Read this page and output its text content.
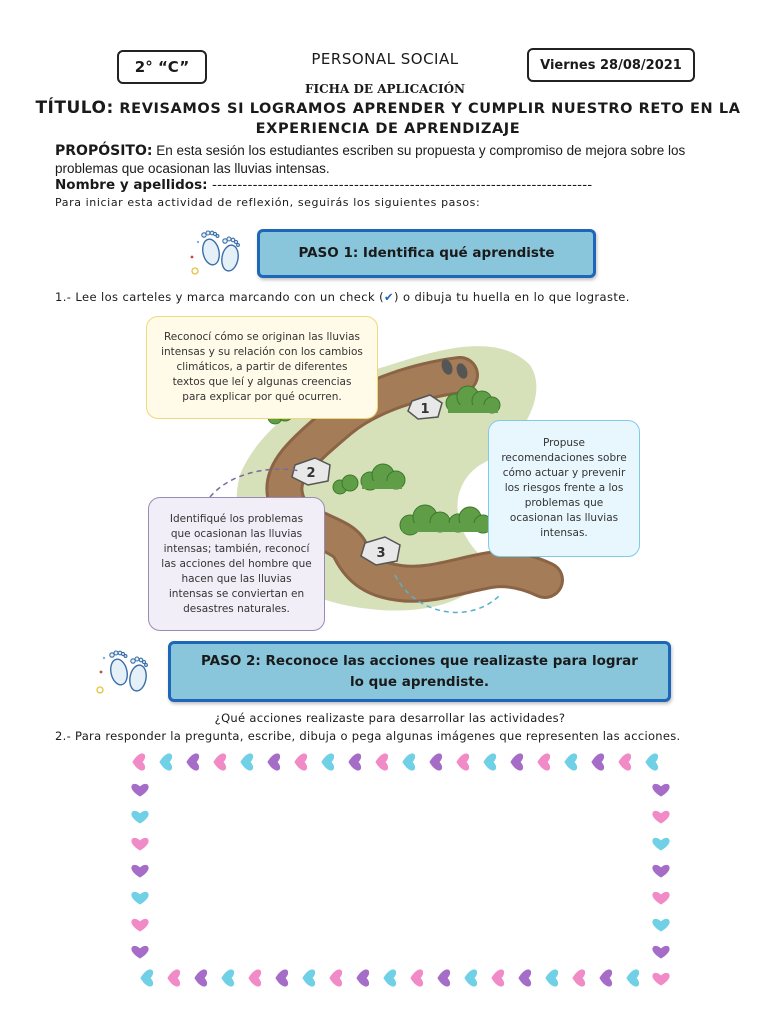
2° “C”	PERSONAL SOCIAL	Viernes 28/08/2021
FICHA DE APLICACIÓN
TÍTULO: REVISAMOS SI LOGRAMOS APRENDER Y CUMPLIR NUESTRO RETO EN LA
EXPERIENCIA DE APRENDIZAJE
PROPÓSITO: En esta sesión los estudiantes escriben su propuesta y compromiso de mejora sobre los problemas que ocasionan las lluvias intensas.
Nombre y apellidos: ---------------------------------------------------------------------------
Para iniciar esta actividad de reflexión, seguirás los siguientes pasos:
PASO 1: Identifica qué aprendiste
1.- Lee los carteles y marca marcando con un check (✔) o dibuja tu huella en lo que lograste.
1
2
3
Reconocí cómo se originan las lluvias intensas y su relación con los cambios climáticos, a partir de diferentes textos que leí y algunas creencias para explicar por qué ocurren.
Propuse recomendaciones sobre cómo actuar y prevenir los riesgos frente a los problemas que ocasionan las lluvias intensas.
Identifiqué los problemas que ocasionan las lluvias intensas; también, reconocí las acciones del hombre que hacen que las lluvias intensas se conviertan en desastres naturales.
PASO 2: Reconoce las acciones que realizaste para lograr lo que aprendiste.
¿Qué acciones realizaste para desarrollar las actividades?
2.- Para responder la pregunta, escribe, dibuja o pega algunas imágenes que representen las acciones.
